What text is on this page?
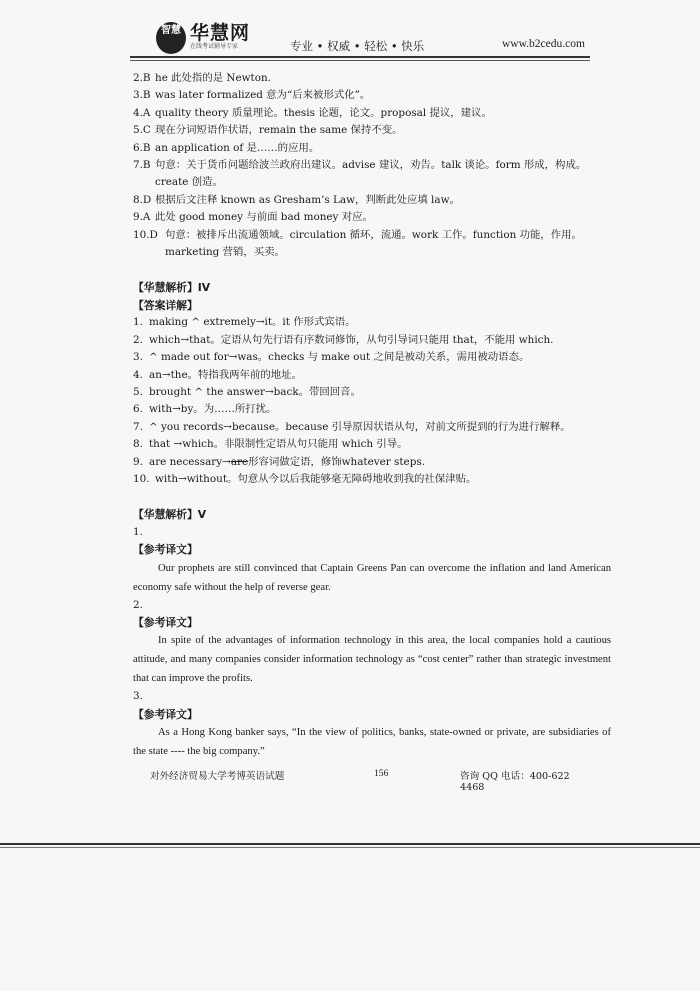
智慧 华慧网
在线考试辅导专家	专业 • 权威 • 轻松 • 快乐	www.b2cedu.com
2.B he 此处指的是 Newton.
3.B was later formalized 意为“后来被形式化”。
4.A quality theory 质量理论。thesis 论题，论文。proposal 提议，建议。
5.C 现在分词短语作状语，remain the same 保持不变。
6.B an application of 是……的应用。
7.B 句意：关于货币问题给波兰政府出建议。advise 建议，劝告。talk 谈论。form 形成，构成。create 创造。
8.D 根据后文注释 known as Gresham’s Law，判断此处应填 law。
9.A 此处 good money 与前面 bad money 对应。
10.D 句意：被排斥出流通领域。circulation 循环，流通。work 工作。function 功能，作用。marketing 营销，买卖。
【华慧解析】IV
【答案详解】
1. making ^ extremely→it。it 作形式宾语。
2. which→that。定语从句先行语有序数词修饰，从句引导词只能用 that，不能用 which.
3. ^ made out for→was。checks 与 make out 之间是被动关系，需用被动语态。
4. an→the。特指我两年前的地址。
5. brought ^ the answer→back。带回回音。
6. with→by。为……所打扰。
7. ^ you records→because。because 引导原因状语从句，对前文所提到的行为进行解释。
8. that →which。非限制性定语从句只能用 which 引导。
9. are necessary→are形容词做定语，修饰whatever steps.
10. with→without。句意从今以后我能够毫无障碍地收到我的社保津贴。
【华慧解析】V
1.
【参考译文】
Our prophets are still convinced that Captain Greens Pan can overcome the inflation and land American economy safe without the help of reverse gear.
2.
【参考译文】
In spite of the advantages of information technology in this area, the local companies hold a cautious attitude, and many companies consider information technology as “cost center” rather than strategic investment that can improve the profits.
3.
【参考译文】
As a Hong Kong banker says, “In the view of politics, banks, state-owned or private, are subsidiaries of the state ---- the big company.”
对外经济贸易大学考博英语试题	156	咨询 QQ 电话：400-622 4468
